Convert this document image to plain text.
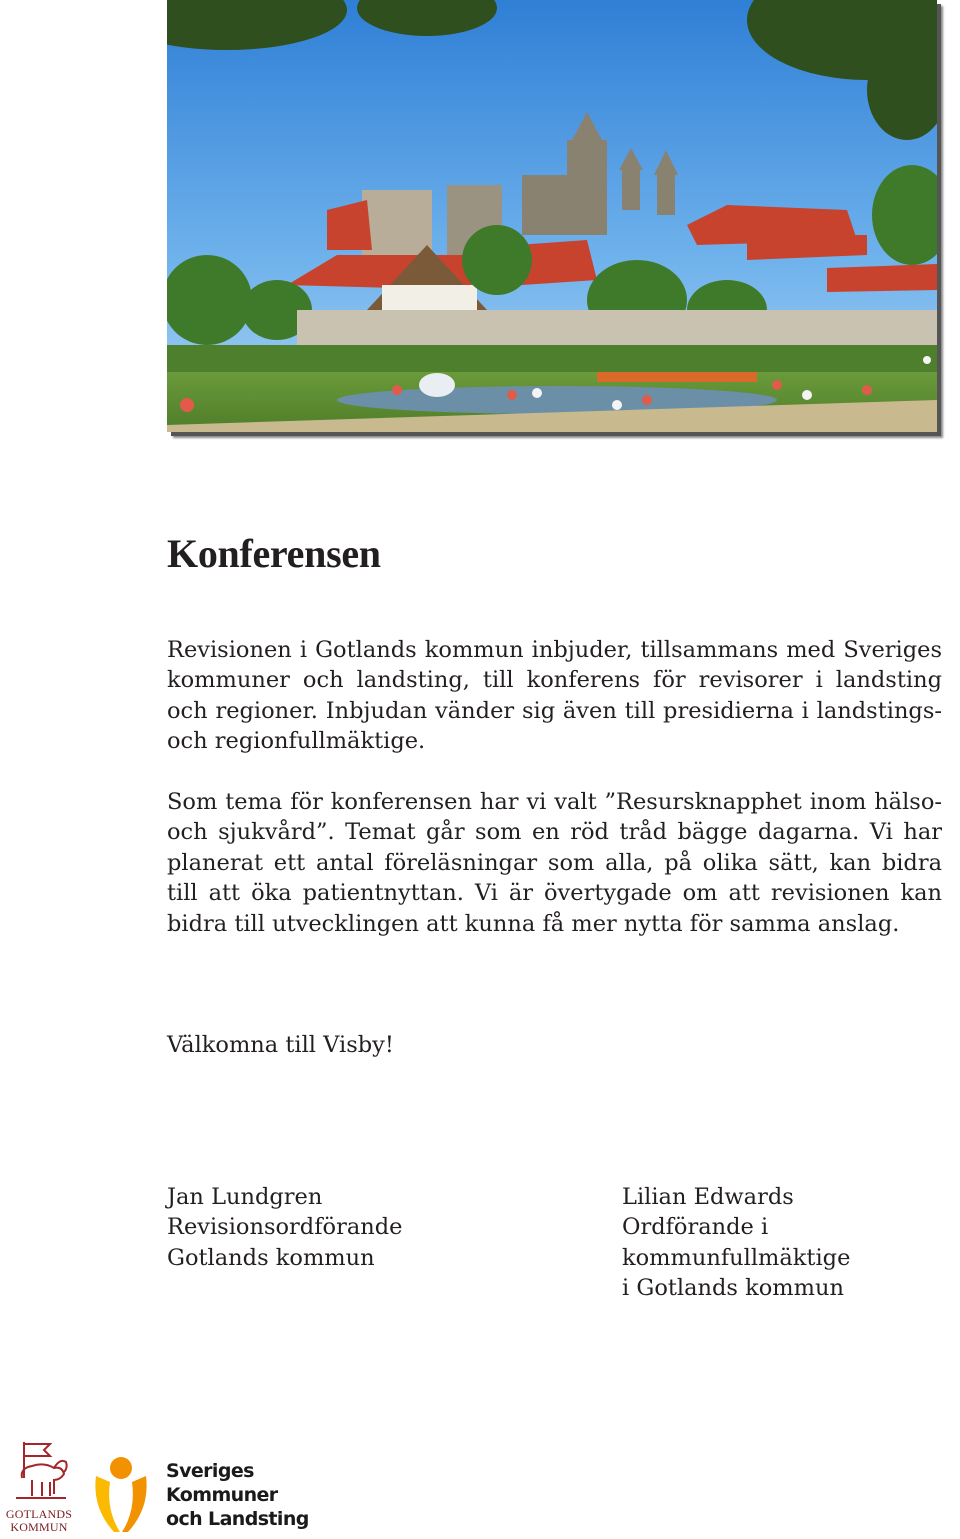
Konferensen

Revisionen i Gotlands kommun inbjuder, tillsammans med Sveriges kommuner och landsting, till konferens för revisorer i landsting och regioner. Inbjudan vänder sig även till presidierna i landstings- och regionfullmäktige.

Som tema för konferensen har vi valt ”Resursknapphet inom hälso- och sjukvård”. Temat går som en röd tråd bägge dagarna. Vi har planerat ett antal föreläsningar som alla, på olika sätt, kan bidra till att öka patientnyttan. Vi är övertygade om att revisionen kan bidra till utvecklingen att kunna få mer nytta för samma anslag.

Välkomna till Visby!

Jan Lundgren
Revisionsordförande
Gotlands kommun
Lilian Edwards
Ordförande i
kommunfullmäktige
i Gotlands kommun
GOTLANDS
KOMMUN
Sveriges
Kommuner
och Landsting
